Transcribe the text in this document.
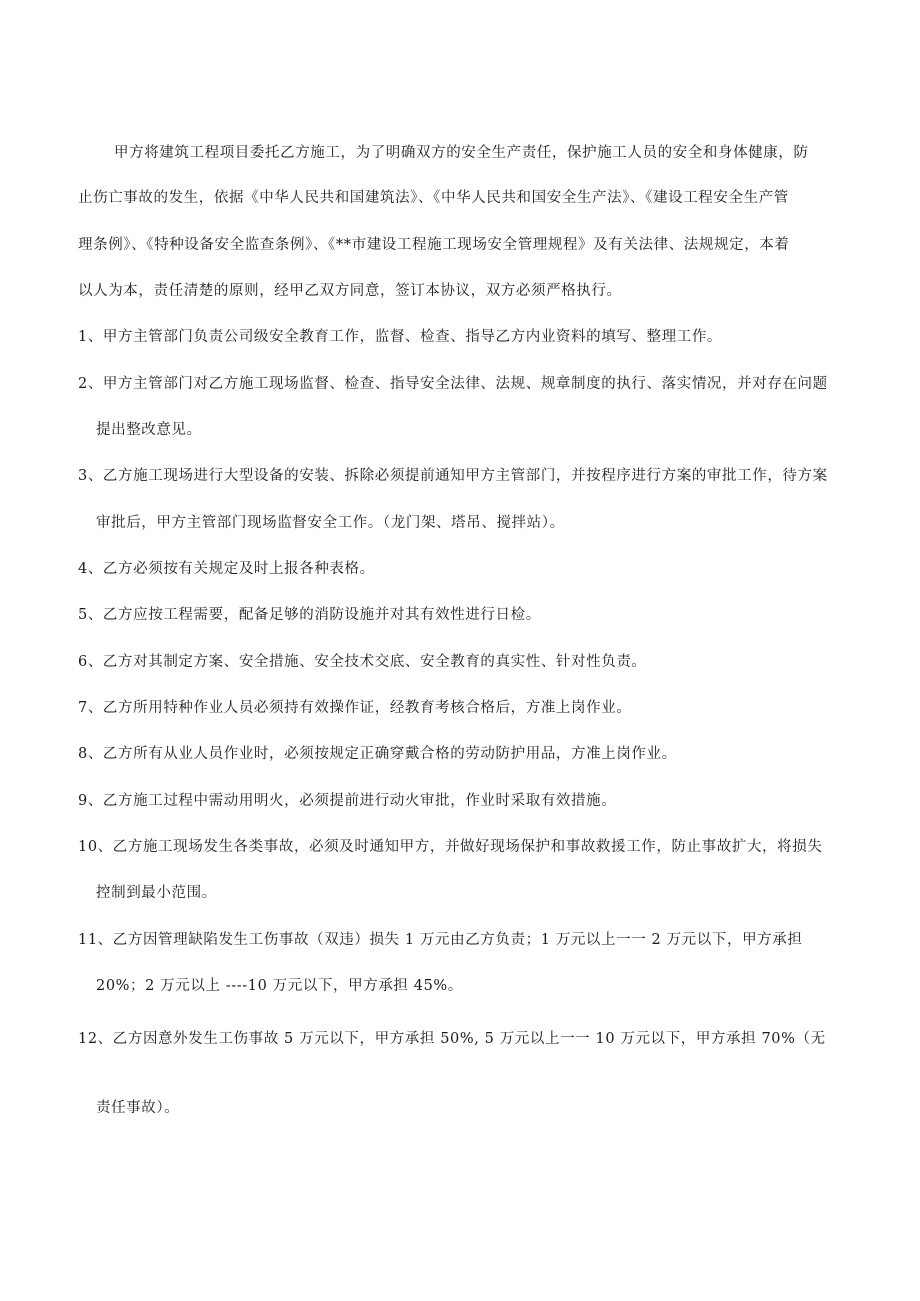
甲方将建筑工程项目委托乙方施工，为了明确双方的安全生产责任，保护施工人员的安全和身体健康，防
止伤亡事故的发生，依据《中华人民共和国建筑法》、《中华人民共和国安全生产法》、《建设工程安全生产管
理条例》、《特种设备安全监查条例》、《**市建设工程施工现场安全管理规程》及有关法律、法规规定，本着
以人为本，责任清楚的原则，经甲乙双方同意，签订本协议，双方必须严格执行。
1、甲方主管部门负责公司级安全教育工作，监督、检查、指导乙方内业资料的填写、整理工作。
2、甲方主管部门对乙方施工现场监督、检查、指导安全法律、法规、规章制度的执行、落实情况，并对存在问题
提出整改意见。
3、乙方施工现场进行大型设备的安装、拆除必须提前通知甲方主管部门，并按程序进行方案的审批工作，待方案
审批后，甲方主管部门现场监督安全工作。（龙门架、塔吊、搅拌站）。
4、乙方必须按有关规定及时上报各种表格。
5、乙方应按工程需要，配备足够的消防设施并对其有效性进行日检。
6、乙方对其制定方案、安全措施、安全技术交底、安全教育的真实性、针对性负责。
7、乙方所用特种作业人员必须持有效操作证，经教育考核合格后，方准上岗作业。
8、乙方所有从业人员作业时，必须按规定正确穿戴合格的劳动防护用品，方准上岗作业。
9、乙方施工过程中需动用明火，必须提前进行动火审批，作业时采取有效措施。
10、乙方施工现场发生各类事故，必须及时通知甲方，并做好现场保护和事故救援工作，防止事故扩大，将损失
控制到最小范围。
11、乙方因管理缺陷发生工伤事故（双违）损失 1 万元由乙方负责；1 万元以上一一 2 万元以下，甲方承担
20%；2 万元以上 ----10 万元以下，甲方承担 45%。
12、乙方因意外发生工伤事故 5 万元以下，甲方承担 50%, 5 万元以上一一 10 万元以下，甲方承担 70%（无
责任事故）。
